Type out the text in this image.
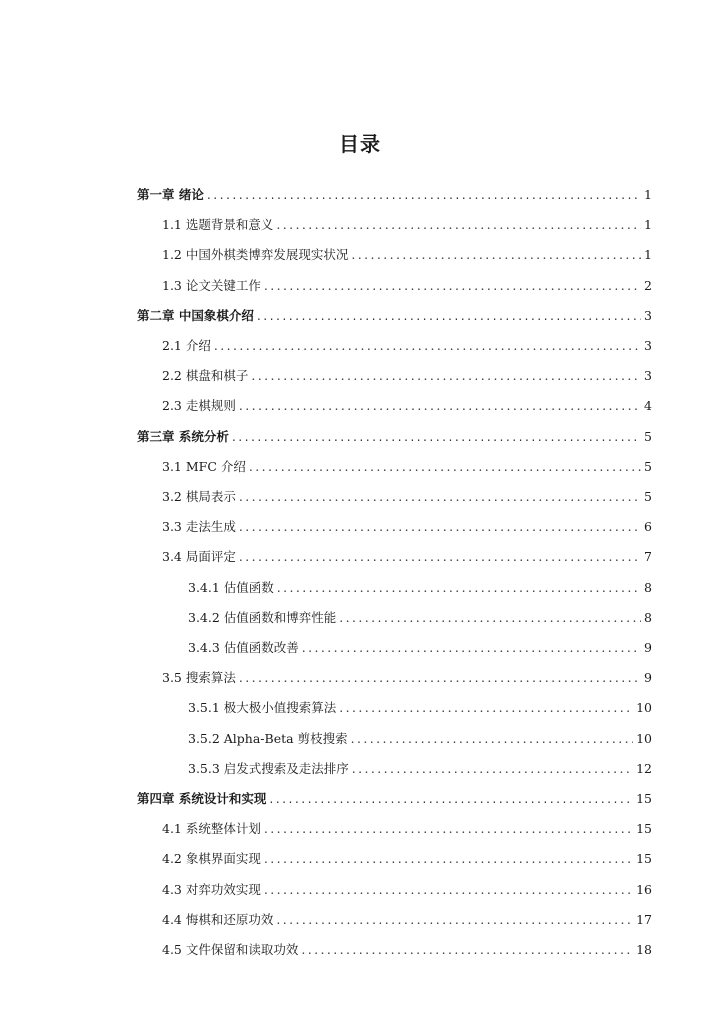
目录
第一章 绪论 .....	1
1.1 选题背景和意义 .....	1
1.2 中国外棋类博弈发展现实状况 .....	1
1.3 论文关键工作 .....	2
第二章 中国象棋介绍 .....	3
2.1 介绍 .....	3
2.2 棋盘和棋子 .....	3
2.3 走棋规则 .....	4
第三章 系统分析 .....	5
3.1 MFC 介绍 .....	5
3.2 棋局表示 .....	5
3.3 走法生成 .....	6
3.4 局面评定 .....	7
3.4.1 估值函数 .....	8
3.4.2 估值函数和博弈性能 .....	8
3.4.3 估值函数改善 .....	9
3.5 搜索算法 .....	9
3.5.1 极大极小值搜索算法 .....	10
3.5.2 Alpha-Beta 剪枝搜索 .....	10
3.5.3 启发式搜索及走法排序 .....	12
第四章 系统设计和实现 .....	15
4.1 系统整体计划 .....	15
4.2 象棋界面实现 .....	15
4.3 对弈功效实现 .....	16
4.4 悔棋和还原功效 .....	17
4.5 文件保留和读取功效 .....	18
